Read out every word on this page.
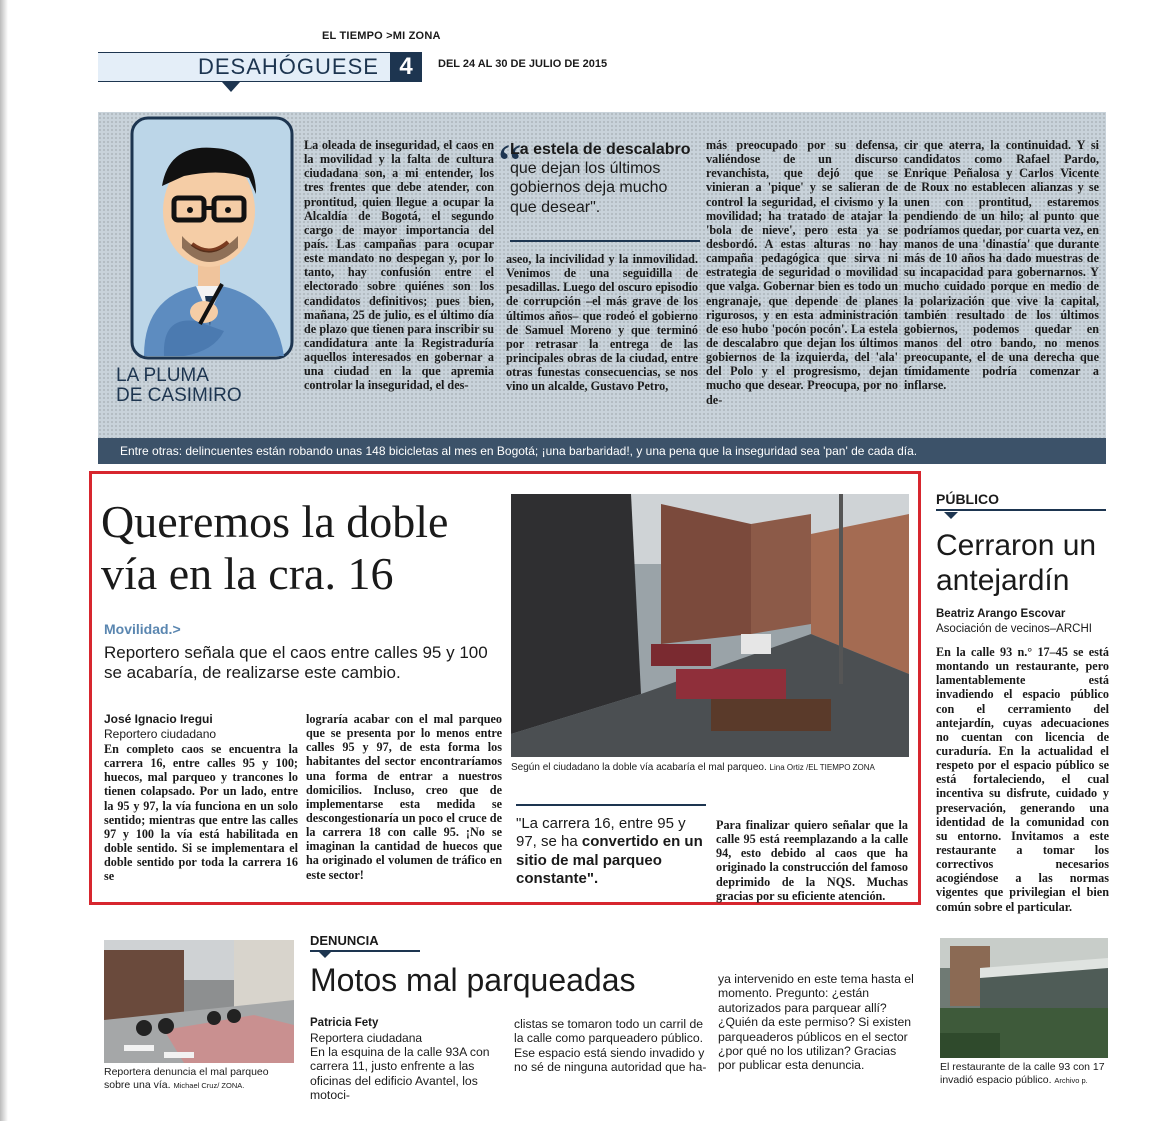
EL TIEMPO >MI ZONA
DESAHÓGUESE 4	DEL 24 AL 30 DE JULIO DE 2015
LA PLUMA
DE CASIMIRO
La oleada de inseguridad, el caos en la movilidad y la falta de cultura ciudadana son, a mi entender, los tres frentes que debe atender, con prontitud, quien llegue a ocupar la Alcaldía de Bogotá, el segundo cargo de mayor importancia del país. Las campañas para ocupar este mandato no despegan y, por lo tanto, hay confusión entre el electorado sobre quiénes son los candidatos definitivos; pues bien, mañana, 25 de julio, es el último día de plazo que tienen para inscribir su candidatura ante la Registraduría aquellos interesados en gobernar a una ciudad en la que apremia controlar la inseguridad, el des-
“
La estela de descalabro que dejan los últimos gobiernos deja mucho que desear".
aseo, la incivilidad y la inmovilidad. Venimos de una seguidilla de pesadillas. Luego del oscuro episodio de corrupción –el más grave de los últimos años– que rodeó el gobierno de Samuel Moreno y que terminó por retrasar la entrega de las principales obras de la ciudad, entre otras funestas consecuencias, se nos vino un alcalde, Gustavo Petro,
más preocupado por su defensa, valiéndose de un discurso revanchista, que dejó que se vinieran a 'pique' y se salieran de control la seguridad, el civismo y la movilidad; ha tratado de atajar la 'bola de nieve', pero esta ya se desbordó. A estas alturas no hay campaña pedagógica que sirva ni estrategia de seguridad o movilidad que valga. Gobernar bien es todo un engranaje, que depende de planes rigurosos, y en esta administración de eso hubo 'pocón pocón'. La estela de descalabro que dejan los últimos gobiernos de la izquierda, del 'ala' del Polo y el progresismo, dejan mucho que desear. Preocupa, por no de-
cir que aterra, la continuidad. Y si candidatos como Rafael Pardo, Enrique Peñalosa y Carlos Vicente de Roux no establecen alianzas y se unen con prontitud, estaremos pendiendo de un hilo; al punto que podríamos quedar, por cuarta vez, en manos de una 'dinastía' que durante más de 10 años ha dado muestras de su incapacidad para gobernarnos. Y mucho cuidado porque en medio de la polarización que vive la capital, también resultado de los últimos gobiernos, podemos quedar en manos del otro bando, no menos preocupante, el de una derecha que tímidamente podría comenzar a inflarse.
Entre otras: delincuentes están robando unas 148 bicicletas al mes en Bogotá; ¡una barbaridad!, y una pena que la inseguridad sea 'pan' de cada día.
Queremos la doble vía en la cra. 16
Movilidad.>
Reportero señala que el caos entre calles 95 y 100 se acabaría, de realizarse este cambio.
José Ignacio Iregui
Reportero ciudadano
En completo caos se encuentra la carrera 16, entre calles 95 y 100; huecos, mal parqueo y trancones lo tienen colapsado. Por un lado, entre la 95 y 97, la vía funciona en un solo sentido; mientras que entre las calles 97 y 100 la vía está habilitada en doble sentido. Si se implementara el doble sentido por toda la carrera 16 se
lograría acabar con el mal parqueo que se presenta por lo menos entre calles 95 y 97, de esta forma los habitantes del sector encontraríamos una forma de entrar a nuestros domicilios. Incluso, creo que de implementarse esta medida se descongestionaría un poco el cruce de la carrera 18 con calle 95. ¡No se imaginan la cantidad de huecos que ha originado el volumen de tráfico en este sector!
Según el ciudadano la doble vía acabaría el mal parqueo. Lina Ortiz /EL TIEMPO ZONA
"La carrera 16, entre 95 y 97, se ha convertido en un sitio de mal parqueo constante".
Para finalizar quiero señalar que la calle 95 está reemplazando a la calle 94, esto debido al caos que ha originado la construcción del famoso deprimido de la NQS. Muchas gracias por su eficiente atención.
PÚBLICO
Cerraron un antejardín
Beatriz Arango Escovar
Asociación de vecinos–ARCHI
En la calle 93 n.° 17–45 se está montando un restaurante, pero lamentablemente está invadiendo el espacio público con el cerramiento del antejardín, cuyas adecuaciones no cuentan con licencia de curaduría. En la actualidad el respeto por el espacio público se está fortaleciendo, el cual incentiva su disfrute, cuidado y preservación, generando una identidad de la comunidad con su entorno. Invitamos a este restaurante a tomar los correctivos necesarios acogiéndose a las normas vigentes que privilegian el bien común sobre el particular.
El restaurante de la calle 93 con 17 invadió espacio público. Archivo p.
Reportera denuncia el mal parqueo sobre una vía. Michael Cruz/ ZONA.
DENUNCIA
Motos mal parqueadas
Patricia Fety
Reportera ciudadana
En la esquina de la calle 93A con carrera 11, justo enfrente a las oficinas del edificio Avantel, los motoci-
clistas se tomaron todo un carril de la calle como parqueadero público. Ese espacio está siendo invadido y no sé de ninguna autoridad que ha-
ya intervenido en este tema hasta el momento. Pregunto: ¿están autorizados para parquear allí? ¿Quién da este permiso? Si existen parqueaderos públicos en el sector ¿por qué no los utilizan? Gracias por publicar esta denuncia.
